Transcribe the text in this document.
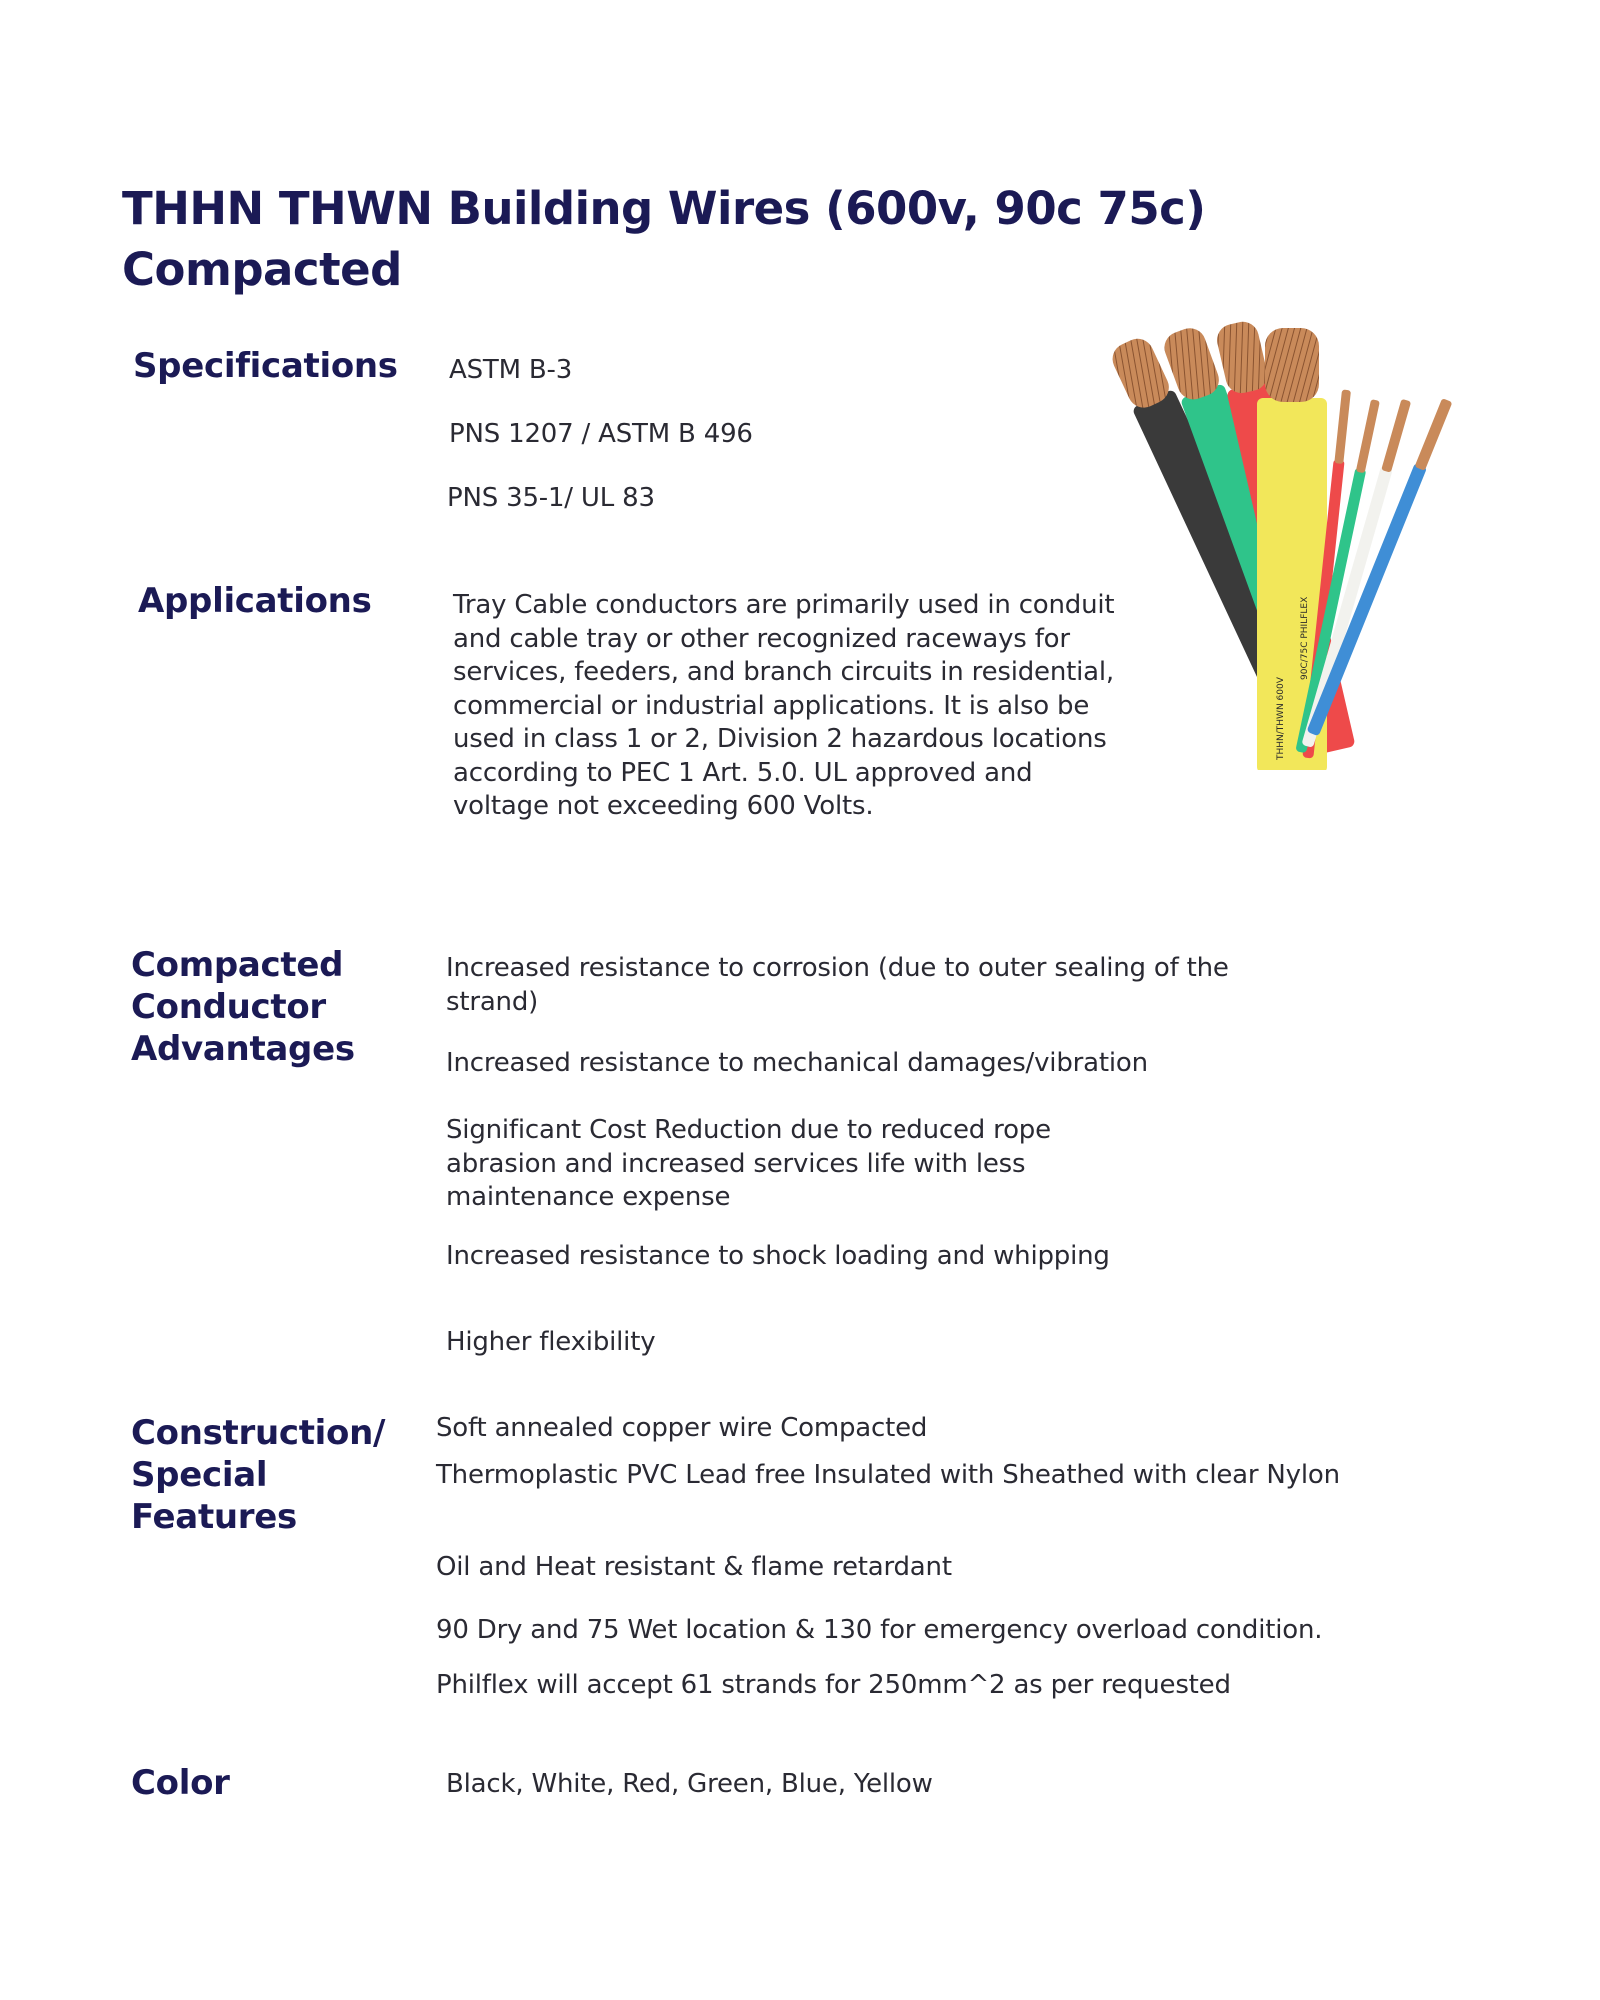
THHN THWN Building Wires (600v, 90c 75c) Compacted
Specifications ASTM B-3

PNS 1207 / ASTM B 496

PNS 35-1/ UL 83

Applications	Tray Cable conductors are primarily used in conduit and cable tray or other recognized raceways for services, feeders, and branch circuits in residential, commercial or industrial applications. It is also be used in class 1 or 2, Division 2 hazardous locations according to PEC 1 Art. 5.0. UL approved and voltage not exceeding 600 Volts.

Compacted Conductor Advantages

Increased resistance to corrosion (due to outer sealing of the strand)

Increased resistance to mechanical damages/vibration

Significant Cost Reduction due to reduced rope abrasion and increased services life with less maintenance expense

Increased resistance to shock loading and whipping

Higher flexibility

Construction/ Special Features

Soft annealed copper wire Compacted

Thermoplastic PVC Lead free Insulated with Sheathed with clear Nylon

Oil and Heat resistant & flame retardant

90 Dry and 75 Wet location & 130 for emergency overload condition.

Philflex will accept 61 strands for 250mm^2 as per requested

Color	Black, White, Red, Green, Blue, Yellow

90C/75C PHILFLEX
THHN/THWN 600V
